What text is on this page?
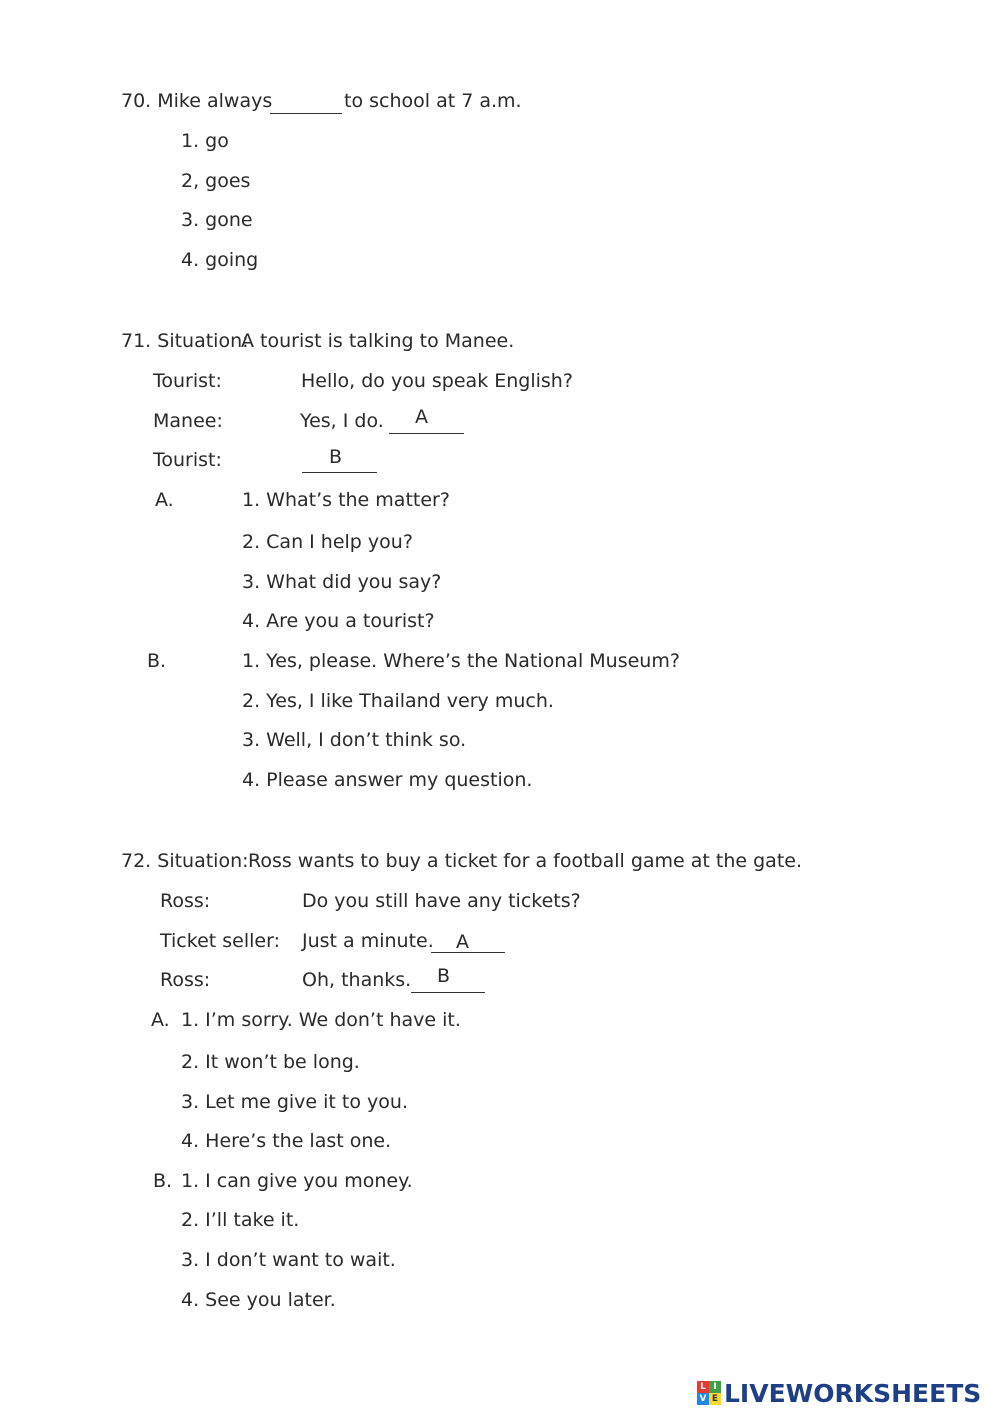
70. Mike always	to school at 7 a.m.
1. go
2, goes
3. gone
4. going
71. Situation:
A tourist is talking to Manee.
Tourist:	Hello, do you speak English?
Manee:	Yes, I do. A
Tourist:	B
A.	1. What’s the matter?
2. Can I help you?
3. What did you say?
4. Are you a tourist?
B.	1. Yes, please. Where’s the National Museum?
2. Yes, I like Thailand very much.
3. Well, I don’t think so.
4. Please answer my question.
72. Situation: Ross wants to buy a ticket for a football game at the gate.
Ross:	Do you still have any tickets?
Ticket seller: Just a minute. A
Ross:	Oh, thanks. B
A. 1. I’m sorry. We don’t have it.
2. It won’t be long.
3. Let me give it to you.
4. Here’s the last one.
B. 1. I can give you money.
2. I’ll take it.
3. I don’t want to wait.
4. See you later.
L I
V E LIVEWORKSHEETS
